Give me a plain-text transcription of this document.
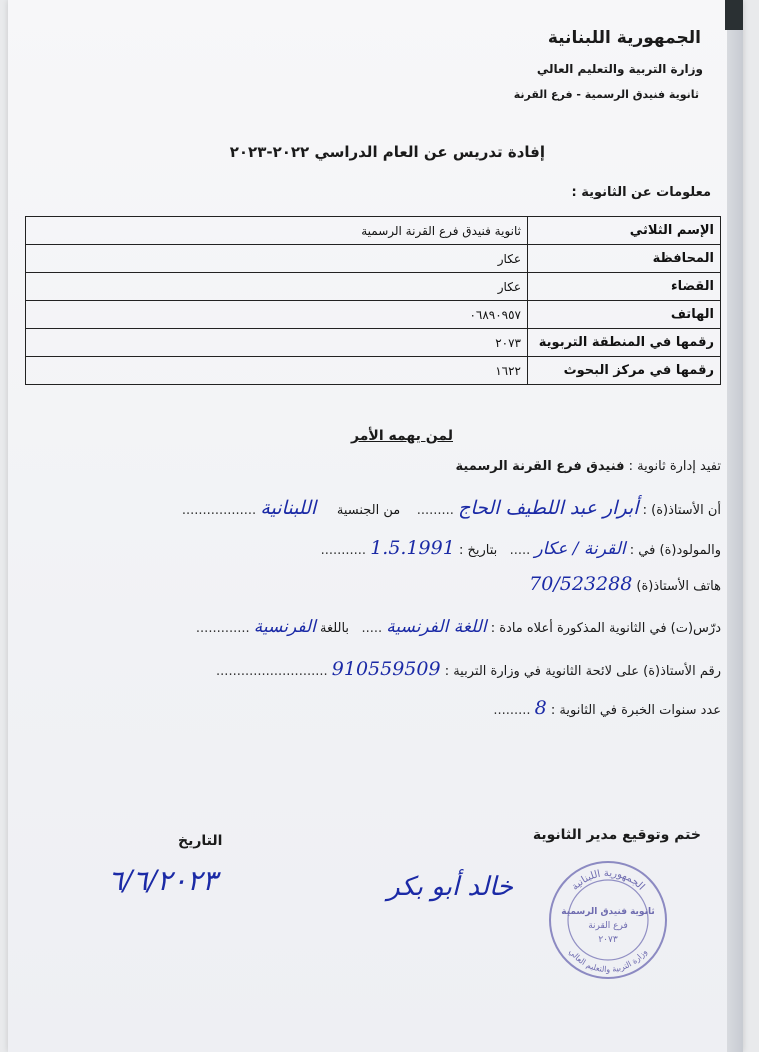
الجمهورية اللبنانية
وزارة التربية والتعليم العالي
ثانوية فنيدق الرسمية - فرع القرنة
إفادة تدريس عن العام الدراسي ٢٠٢٢-٢٠٢٣
معلومات عن الثانوية :
الإسم الثلاثي	ثانوية فنيدق فرع القرنة الرسمية
المحافظة	عكار
القضاء	عكار
الهاتف	٠٦٨٩٠٩٥٧
رقمها في المنطقة التربوية	٢٠٧٣
رقمها في مركز البحوث	١٦٢٢
لمن يهمه الأمر
تفيد إدارة ثانوية : فنيدق فرع القرنة الرسمية
أن الأستاذ(ة) : أبرار عبد اللطيف الحاج .........    من الجنسية     اللبنانية ..................
والمولود(ة) في : القرنة / عكار .....   بتاريخ : 1.5.1991 ...........
هاتف الأستاذ(ة) 70/523288
درّس(ت) في الثانوية المذكورة أعلاه مادة : اللغة الفرنسية .....   باللغة الفرنسية .............
رقم الأستاذ(ة) على لائحة الثانوية في وزارة التربية : 910559509 ...........................
عدد سنوات الخبرة في الثانوية : 8 .........
ختم وتوقيع مدير الثانوية
التاريخ
خالد أبو بكر
٦/٦/٢٠٢٣	الجمهورية اللبنانية
وزارة التربية والتعليم العالي
ثانوية فنيدق الرسمية
فرع القرنة
٢٠٧٣
